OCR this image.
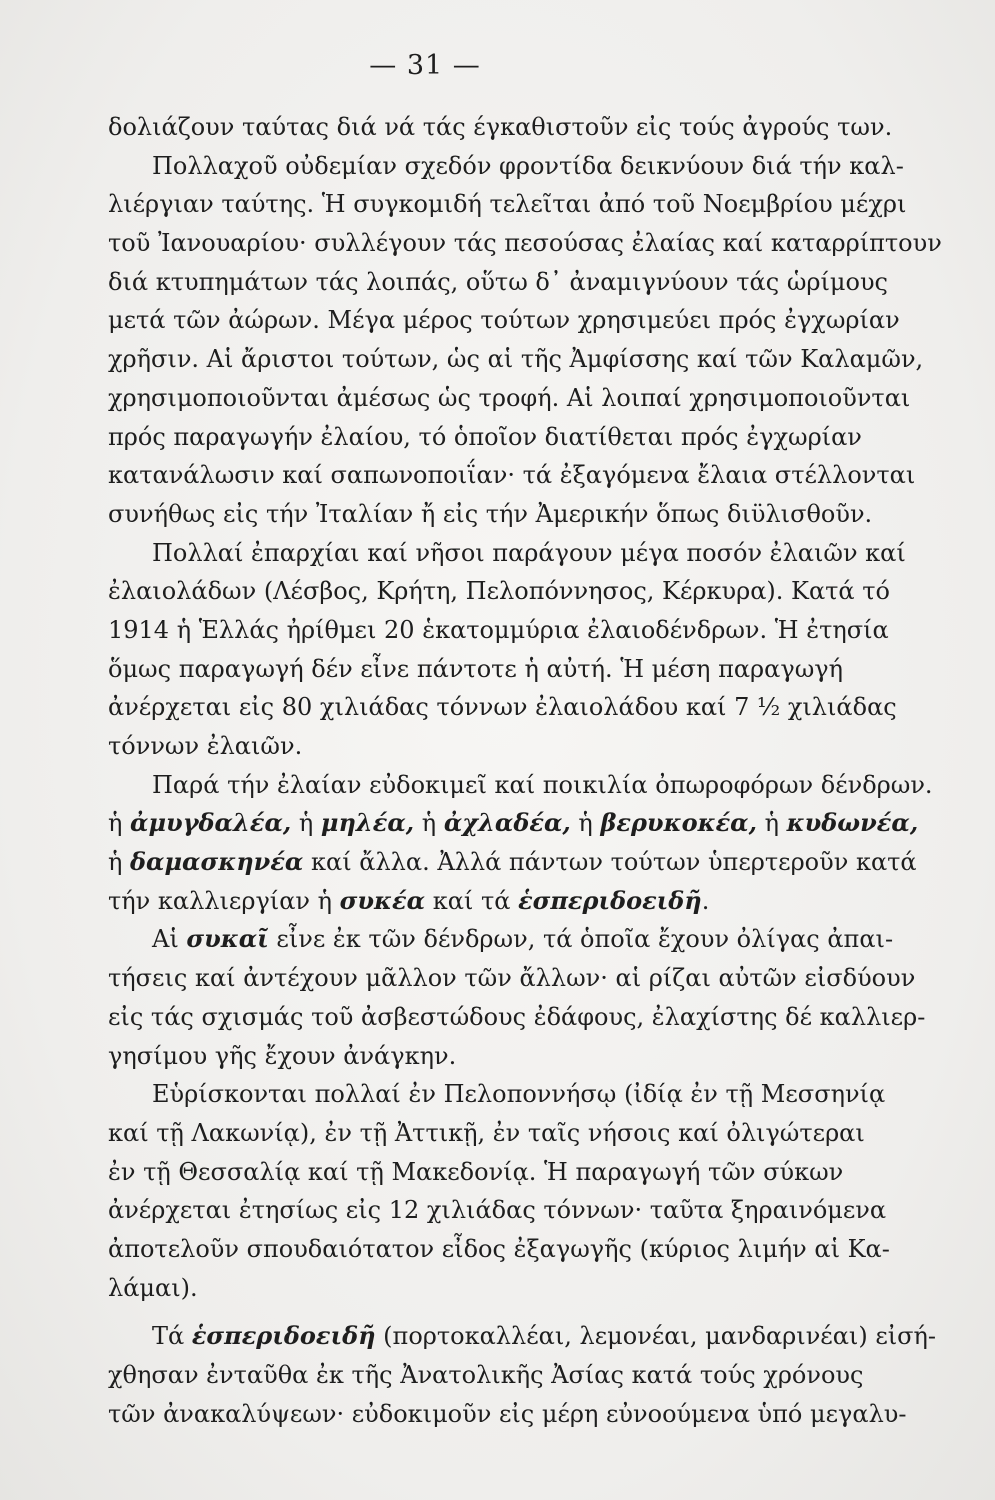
— 31 —
δολιάζουν ταύτας διά νά τάς έγκαθιστοῦν εἰς τούς ἀγρούς των.
Πολλαχοῦ οὐδεμίαν σχεδόν φροντίδα δεικνύουν διά τήν καλ-
λιέργιαν ταύτης. Ἡ συγκομιδή τελεῖται ἀπό τοῦ Νοεμβρίου μέχρι
τοῦ Ἰανουαρίου· συλλέγουν τάς πεσούσας ἐλαίας καί καταρρίπτουν
διά κτυπημάτων τάς λοιπάς, οὕτω δ᾿ ἀναμιγνύουν τάς ὡρίμους
μετά τῶν ἀώρων. Μέγα μέρος τούτων χρησιμεύει πρός ἐγχωρίαν
χρῆσιν. Αἱ ἄριστοι τούτων, ὡς αἱ τῆς Ἀμφίσσης καί τῶν Καλαμῶν,
χρησιμοποιοῦνται ἀμέσως ὡς τροφή. Αἱ λοιπαί χρησιμοποιοῦνται
πρός παραγωγήν ἐλαίου, τό ὁποῖον διατίθεται πρός ἐγχωρίαν
κατανάλωσιν καί σαπωνοποιΐαν· τά ἐξαγόμενα ἔλαια στέλλονται
συνήθως εἰς τήν Ἰταλίαν ἤ εἰς τήν Ἀμερικήν ὅπως διϋλισθοῦν.
Πολλαί ἐπαρχίαι καί νῆσοι παράγουν μέγα ποσόν ἐλαιῶν καί
ἐλαιολάδων (Λέσβος, Κρήτη, Πελοπόννησος, Κέρκυρα). Κατά τό
1914 ἡ Ἑλλάς ἠρίθμει 20 ἑκατομμύρια ἐλαιοδένδρων. Ἡ ἐτησία
ὅμως παραγωγή δέν εἶνε πάντοτε ἡ αὐτή. Ἡ μέση παραγωγή
ἀνέρχεται εἰς 80 χιλιάδας τόννων ἐλαιολάδου καί 7 ½ χιλιάδας
τόννων ἐλαιῶν.
Παρά τήν ἐλαίαν εὐδοκιμεῖ καί ποικιλία ὀπωροφόρων δένδρων.
ἡ ἀμυγδαλέα, ἡ μηλέα, ἡ ἀχλαδέα, ἡ βερυκοκέα, ἡ κυδωνέα,
ἡ δαμασκηνέα καί ἄλλα. Ἀλλά πάντων τούτων ὑπερτεροῦν κατά
τήν καλλιεργίαν ἡ συκέα καί τά ἑσπεριδοειδῆ.
Αἱ συκαῖ εἶνε ἐκ τῶν δένδρων, τά ὁποῖα ἔχουν ὀλίγας ἀπαι-
τήσεις καί ἀντέχουν μᾶλλον τῶν ἄλλων· αἱ ρίζαι αὐτῶν εἰσδύουν
εἰς τάς σχισμάς τοῦ ἀσβεστώδους ἐδάφους, ἐλαχίστης δέ καλλιερ-
γησίμου γῆς ἔχουν ἀνάγκην.
Εὑρίσκονται πολλαί ἐν Πελοποννήσῳ (ἰδίᾳ ἐν τῇ Μεσσηνίᾳ
καί τῇ Λακωνίᾳ), ἐν τῇ Ἀττικῇ, ἐν ταῖς νήσοις καί ὀλιγώτεραι
ἐν τῇ Θεσσαλίᾳ καί τῇ Μακεδονίᾳ. Ἡ παραγωγή τῶν σύκων
ἀνέρχεται ἐτησίως εἰς 12 χιλιάδας τόννων· ταῦτα ξηραινόμενα
ἀποτελοῦν σπουδαιότατον εἶδος ἐξαγωγῆς (κύριος λιμήν αἱ Κα-
λάμαι).
Τά ἑσπεριδοειδῆ (πορτοκαλλέαι, λεμονέαι, μανδαρινέαι) εἰσή-
χθησαν ἐνταῦθα ἐκ τῆς Ἀνατολικῆς Ἀσίας κατά τούς χρόνους
τῶν ἀνακαλύψεων· εὐδοκιμοῦν εἰς μέρη εὐνοούμενα ὑπό μεγαλυ-
